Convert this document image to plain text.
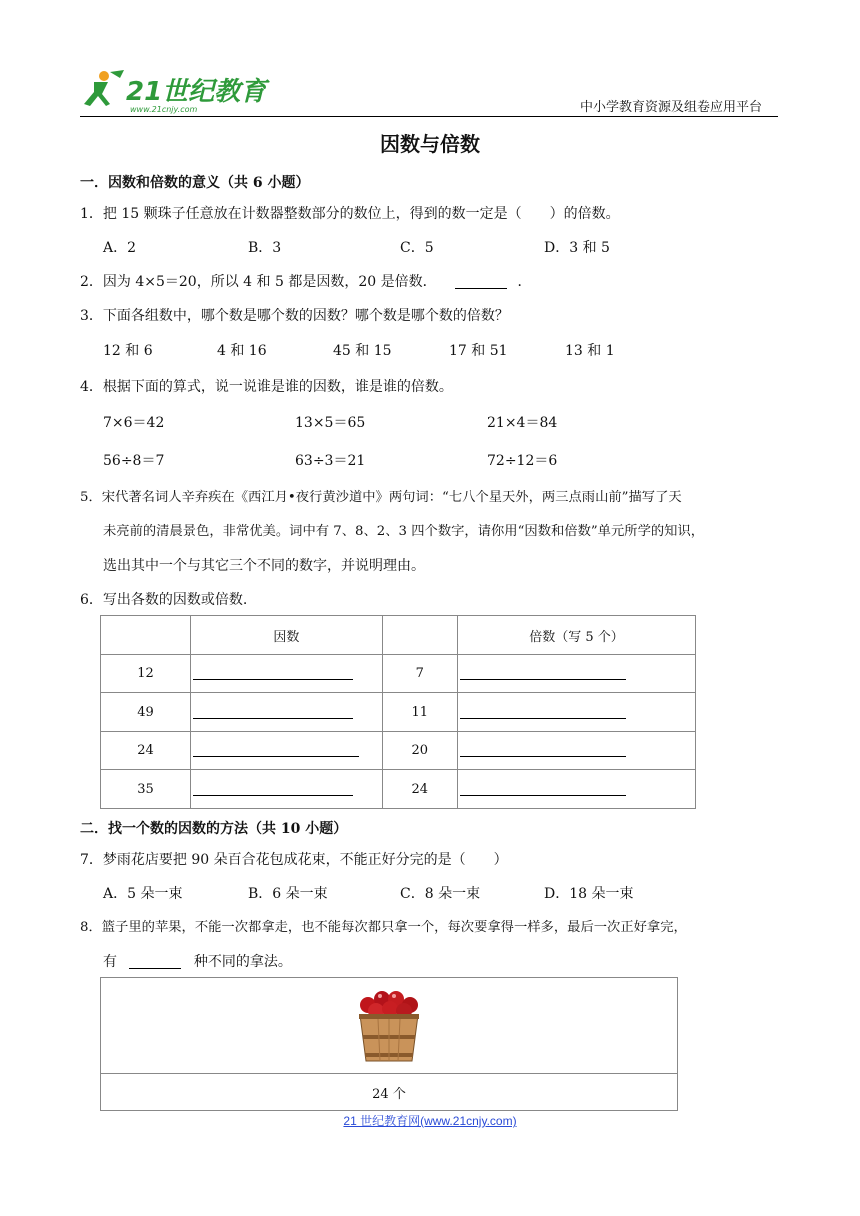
21世纪教育
www.21cnjy.com	中小学教育资源及组卷应用平台
因数与倍数
一．因数和倍数的意义（共 6 小题）
1．把 15 颗珠子任意放在计数器整数部分的数位上，得到的数一定是（　　）的倍数。
A．2	B．3	C．5	D．3 和 5
2．因为 4×5＝20，所以 4 和 5 都是因数，20 是倍数．	．
3．下面各组数中，哪个数是哪个数的因数？哪个数是哪个数的倍数？
12 和 6	4 和 16	45 和 15	17 和 51	13 和 1
4．根据下面的算式，说一说谁是谁的因数，谁是谁的倍数。
7×6＝42	13×5＝65	21×4＝84
56÷8＝7	63÷3＝21	72÷12＝6
5．宋代著名词人辛弃疾在《西江月•夜行黄沙道中》两句词：“七八个星天外，两三点雨山前”描写了天
未亮前的清晨景色，非常优美。词中有 7、8、2、3 四个数字，请你用“因数和倍数”单元所学的知识，
选出其中一个与其它三个不同的数字，并说明理由。
6．写出各数的因数或倍数.
	因数		倍数（写 5 个）
12		7	
49		11	
24		20	
35		24	
二．找一个数的因数的方法（共 10 小题）
7．梦雨花店要把 90 朵百合花包成花束，不能正好分完的是（　　）
A．5 朵一束	B．6 朵一束	C．8 朵一束	D．18 朵一束
8．篮子里的苹果，不能一次都拿走，也不能每次都只拿一个，每次要拿得一样多，最后一次正好拿完，
有	种不同的拿法。

24 个
21 世纪教育网(www.21cnjy.com)
